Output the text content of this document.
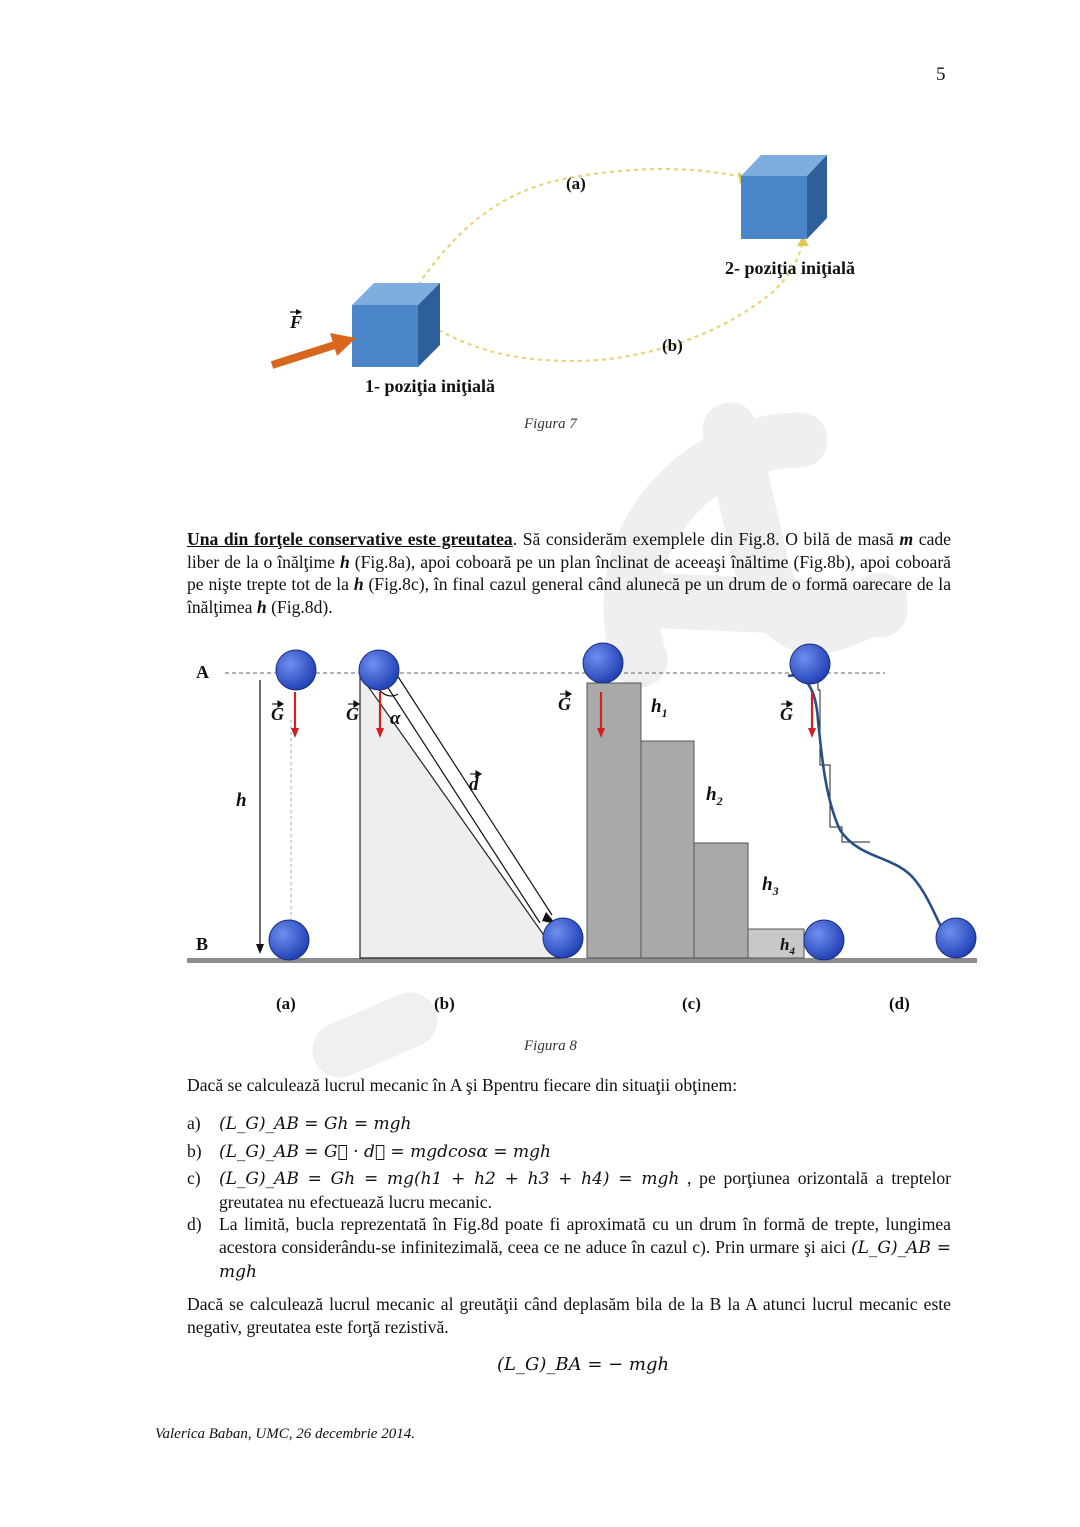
5
(a)
(b)
F
2- poziţia iniţială
1- poziţia iniţială
Figura 7
Una din forţele conservative este greutatea. Să considerăm exemplele din Fig.8. O bilă de masă m cade liber de la o înălţime h (Fig.8a), apoi coboară pe un plan înclinat de aceeaşi înăltime (Fig.8b), apoi coboară pe nişte trepte tot de la h (Fig.8c), în final cazul general când alunecă pe un drum de o formă oarecare de la înălţimea h (Fig.8d).
A
B
h
G	G	G	G
α
d
$h_1$
$h_2$
$h_3$
$h_4$
(a)	(b)	(c)	(d)
Figura 8
Dacă se calculează lucrul mecanic în A şi Bpentru fiecare din situaţii obţinem:
a) (L_G)_AB = Gh = mgh
b) (L_G)_AB = G⃗ · d⃗ = mgdcosα = mgh
c) (L_G)_AB = Gh = mg(h1 + h2 + h3 + h4) = mgh , pe porţiunea orizontală a treptelor greutatea nu efectuează lucru mecanic.
d) La limită, bucla reprezentată în Fig.8d poate fi aproximată cu un drum în formă de trepte, lungimea acestora considerându-se infinitezimală, ceea ce ne aduce în cazul c). Prin urmare şi aici (L_G)_AB = mgh
Dacă se calculează lucrul mecanic al greutăţii când deplasăm bila de la B la A atunci lucrul mecanic este negativ, greutatea este forţă rezistivă.
(L_G)_BA = − mgh
Valerica Baban, UMC, 26 decembrie 2014.
